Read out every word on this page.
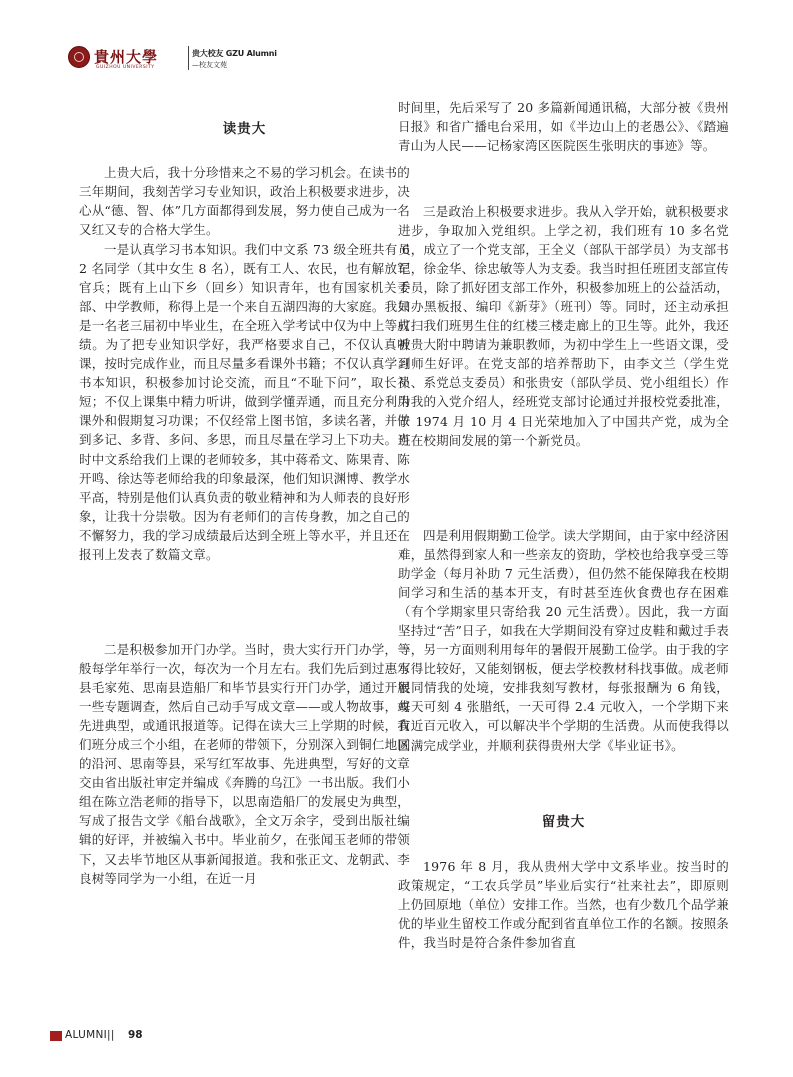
貴州大學
GUIZHOU UNIVERSITY
贵大校友 GZU Alumni
—校友文苑
读贵大

上贵大后，我十分珍惜来之不易的学习机会。在读书的三年期间，我刻苦学习专业知识，政治上积极要求进步，决心从“德、智、体”几方面都得到发展，努力使自己成为一名又红又专的合格大学生。

一是认真学习书本知识。我们中文系 73 级全班共有 62 名同学（其中女生 8 名），既有工人、农民，也有解放军官兵；既有上山下乡（回乡）知识青年，也有国家机关干部、中学教师，称得上是一个来自五湖四海的大家庭。我只是一名老三届初中毕业生，在全班入学考试中仅为中上等成绩。为了把专业知识学好，我严格要求自己，不仅认真听课，按时完成作业，而且尽量多看课外书籍；不仅认真学习书本知识，积极参加讨论交流，而且“不耻下问”，取长补短；不仅上课集中精力听讲，做到学懂弄通，而且充分利用课外和假期复习功课；不仅经常上图书馆，多读名著，并做到多记、多背、多问、多思，而且尽量在学习上下功夫。当时中文系给我们上课的老师较多，其中蒋希文、陈果青、陈开鸣、徐达等老师给我的印象最深，他们知识渊博、教学水平高，特别是他们认真负责的敬业精神和为人师表的良好形象，让我十分崇敬。因为有老师们的言传身教，加之自己的不懈努力，我的学习成绩最后达到全班上等水平，并且还在报刊上发表了数篇文章。

二是积极参加开门办学。当时，贵大实行开门办学，一般每学年举行一次，每次为一个月左右。我们先后到过惠水县毛家苑、思南县造船厂和毕节县实行开门办学，通过开展一些专题调查，然后自己动手写成文章——或人物故事，或先进典型，或通讯报道等。记得在读大三上学期的时候，我们班分成三个小组，在老师的带领下，分别深入到铜仁地区的沿河、思南等县，采写红军故事、先进典型，写好的文章交由省出版社审定并编成《奔腾的乌江》一书出版。我们小组在陈立浩老师的指导下，以思南造船厂的发展史为典型，写成了报告文学《船台战歌》，全文万余字，受到出版社编辑的好评，并被编入书中。毕业前夕，在张闻玉老师的带领下，又去毕节地区从事新闻报道。我和张正文、龙朝武、李良树等同学为一小组，在近一月

时间里，先后采写了 20 多篇新闻通讯稿，大部分被《贵州日报》和省广播电台采用，如《半边山上的老愚公》、《踏遍青山为人民——记杨家湾区医院医生张明庆的事迹》等。

三是政治上积极要求进步。我从入学开始，就积极要求进步，争取加入党组织。上学之初，我们班有 10 多名党员，成立了一个党支部，王全义（部队干部学员）为支部书记，徐金华、徐忠敏等人为支委。我当时担任班团支部宣传委员，除了抓好团支部工作外，积极参加班上的公益活动，如办黑板报、编印《新芽》（班刊）等。同时，还主动承担打扫我们班男生住的红楼三楼走廊上的卫生等。此外，我还被贵大附中聘请为兼职教师，为初中学生上一些语文课，受到师生好评。在党支部的培养帮助下，由李文兰（学生党员、系党总支委员）和张贵安（部队学员、党小组组长）作为我的入党介绍人，经班党支部讨论通过并报校党委批准，于 1974 月 10 月 4 日光荣地加入了中国共产党，成为全班在校期间发展的第一个新党员。

四是利用假期勤工俭学。读大学期间，由于家中经济困难，虽然得到家人和一些亲友的资助，学校也给我享受三等助学金（每月补助 7 元生活费），但仍然不能保障我在校期间学习和生活的基本开支，有时甚至连伙食费也存在困难（有个学期家里只寄给我 20 元生活费）。因此，我一方面坚持过“苦”日子，如我在大学期间没有穿过皮鞋和戴过手表等，另一方面则利用每年的暑假开展勤工俭学。由于我的字写得比较好，又能刻钢板，便去学校教材科找事做。成老师很同情我的处境，安排我刻写教材，每张报酬为 6 角钱，每天可刻 4 张腊纸，一天可得 2.4 元收入，一个学期下来有近百元收入，可以解决半个学期的生活费。从而使我得以圆满完成学业，并顺利获得贵州大学《毕业证书》。

留贵大

1976 年 8 月，我从贵州大学中文系毕业。按当时的政策规定，“工农兵学员”毕业后实行“社来社去”，即原则上仍回原地（单位）安排工作。当然，也有少数几个品学兼优的毕业生留校工作或分配到省直单位工作的名额。按照条件，我当时是符合条件参加省直

ALUMNI|| 98
